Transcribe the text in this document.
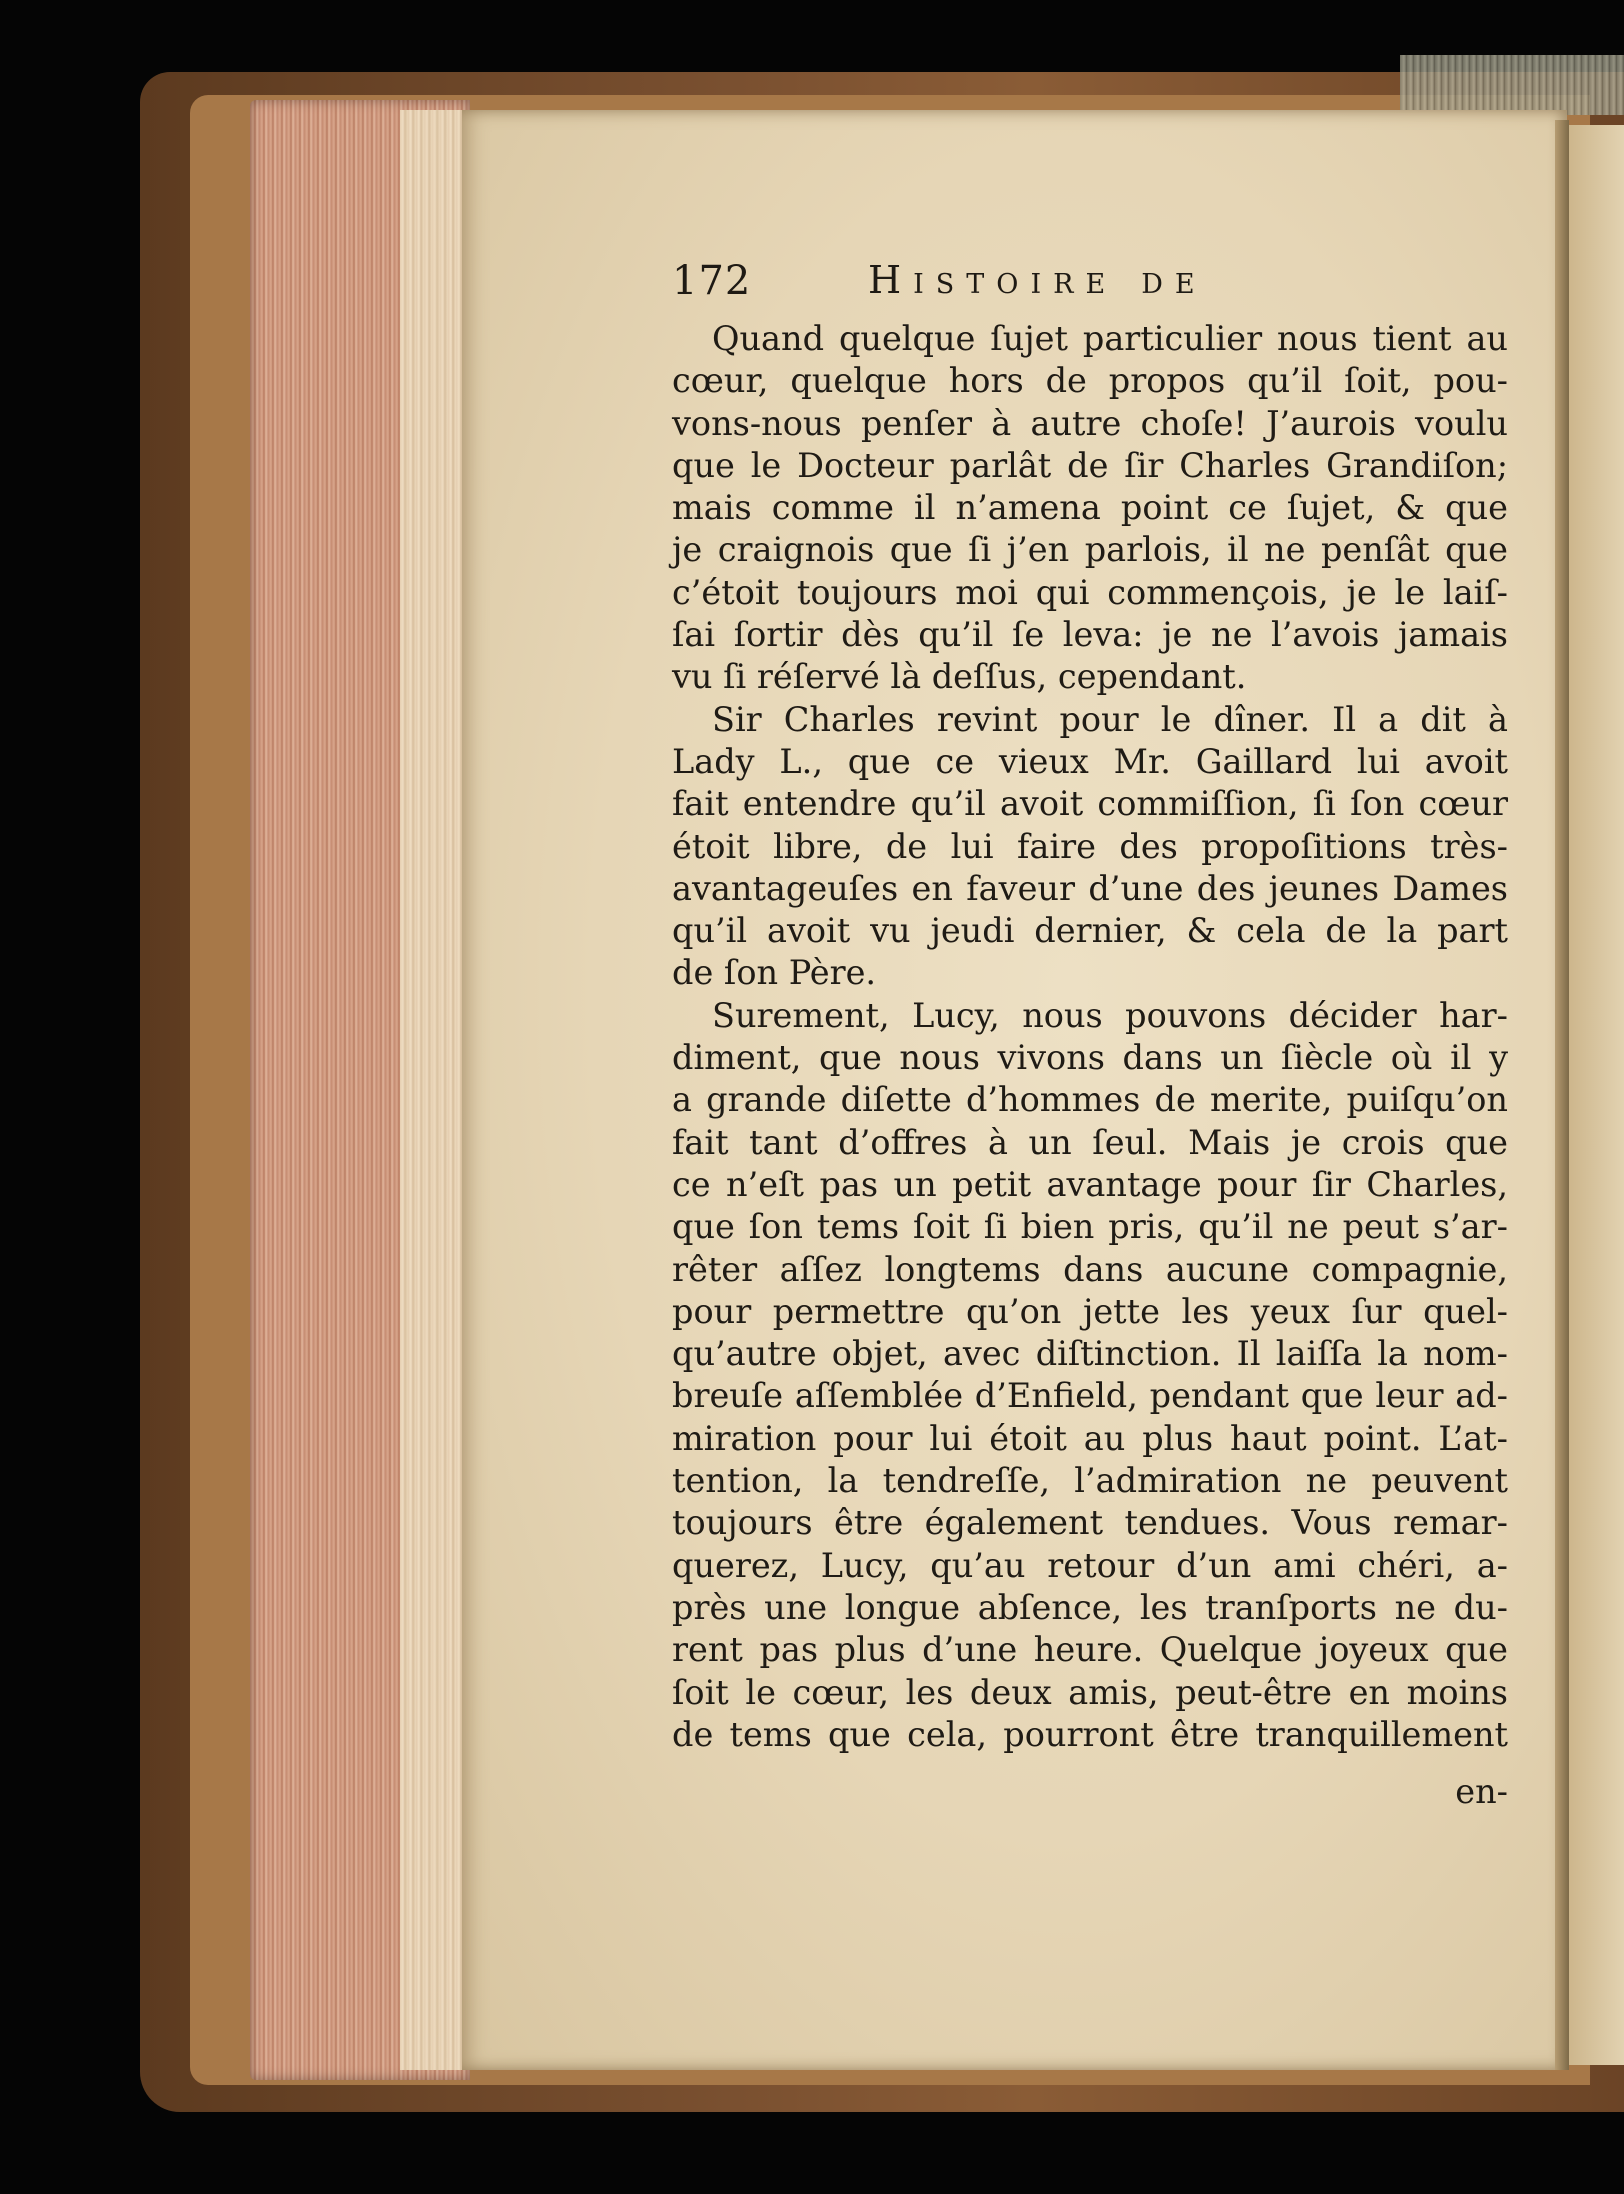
172	Histoire de
Quand quelque ſujet particulier nous tient au
cœur, quelque hors de propos qu’il ſoit, pou-
vons-nous penſer à autre choſe! J’aurois voulu
que le Docteur parlât de ſir Charles Grandiſon;
mais comme il n’amena point ce ſujet, & que
je craignois que ſi j’en parlois, il ne penſât que
c’étoit toujours moi qui commençois, je le laiſ-
ſai ſortir dès qu’il ſe leva: je ne l’avois jamais
vu ſi réſervé là deſſus, cependant.
Sir Charles revint pour le dîner. Il a dit à
Lady L., que ce vieux Mr. Gaillard lui avoit
fait entendre qu’il avoit commiſſion, ſi ſon cœur
étoit libre, de lui faire des propoſitions très-
avantageuſes en faveur d’une des jeunes Dames
qu’il avoit vu jeudi dernier, & cela de la part
de ſon Père.
Surement, Lucy, nous pouvons décider har-
diment, que nous vivons dans un ſiècle où il y
a grande diſette d’hommes de merite, puiſqu’on
fait tant d’offres à un ſeul. Mais je crois que
ce n’eſt pas un petit avantage pour ſir Charles,
que ſon tems ſoit ſi bien pris, qu’il ne peut s’ar-
rêter aſſez longtems dans aucune compagnie,
pour permettre qu’on jette les yeux ſur quel-
qu’autre objet, avec diſtinction. Il laiſſa la nom-
breuſe aſſemblée d’Enfield, pendant que leur ad-
miration pour lui étoit au plus haut point. L’at-
tention, la tendreſſe, l’admiration ne peuvent
toujours être également tendues. Vous remar-
querez, Lucy, qu’au retour d’un ami chéri, a-
près une longue abſence, les tranſports ne du-
rent pas plus d’une heure. Quelque joyeux que
ſoit le cœur, les deux amis, peut-être en moins
de tems que cela, pourront être tranquillement
en-
